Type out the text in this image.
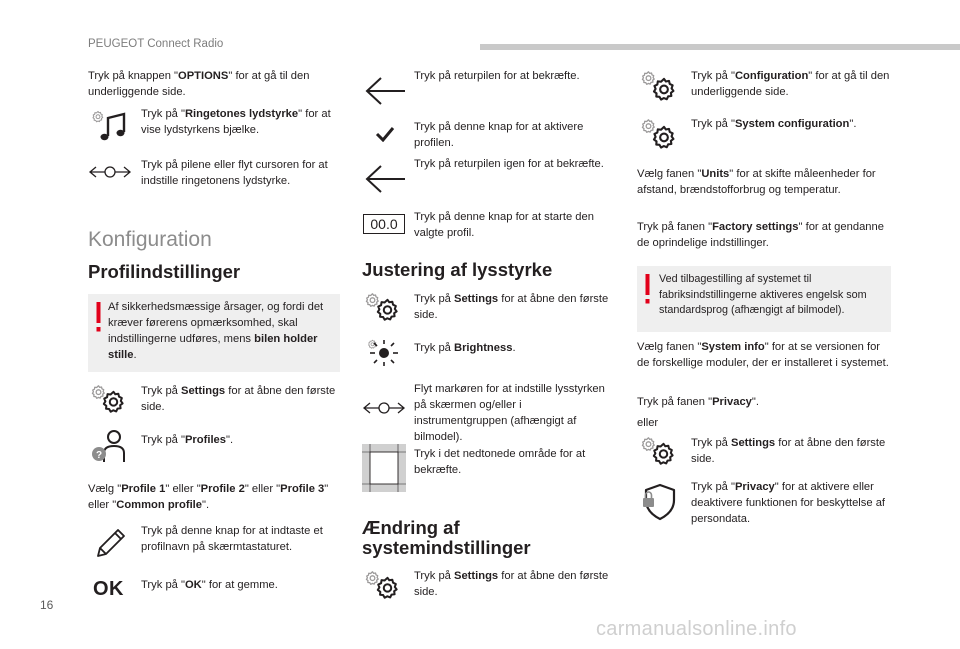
PEUGEOT Connect Radio
Tryk på knappen "OPTIONS" for at gå til den underliggende side.
Tryk på "Ringetones lydstyrke" for at vise lydstyrkens bjælke.
Tryk på pilene eller flyt cursoren for at indstille ringetonens lydstyrke.
Konfiguration
Profilindstillinger
Af sikkerhedsmæssige årsager, og fordi det kræver førerens opmærksomhed, skal indstillingerne udføres, mens bilen holder stille.
Tryk på Settings for at åbne den første side.
?
Tryk på "Profiles".
Vælg "Profile 1" eller "Profile 2" eller "Profile 3" eller "Common profile".
Tryk på denne knap for at indtaste et profilnavn på skærmtastaturet.
OK Tryk på "OK" for at gemme.
Tryk på returpilen for at bekræfte.
Tryk på denne knap for at aktivere profilen.
Tryk på returpilen igen for at bekræfte.
00.0	Tryk på denne knap for at starte den valgte profil.
Justering af lysstyrke
Tryk på Settings for at åbne den første side.
Tryk på Brightness.
Flyt markøren for at indstille lysstyrken på skærmen og/eller i instrumentgruppen (afhængigt af bilmodel).
Tryk i det nedtonede område for at bekræfte.
Ændring af
systemindstillinger
Tryk på Settings for at åbne den første side.
Tryk på "Configuration" for at gå til den underliggende side.
Tryk på "System configuration".
Vælg fanen "Units" for at skifte måleenheder for afstand, brændstofforbrug og temperatur.
Tryk på fanen "Factory settings" for at gendanne de oprindelige indstillinger.
Ved tilbagestilling af systemet til fabriksindstillingerne aktiveres engelsk som standardsprog (afhængigt af bilmodel).
Vælg fanen "System info" for at se versionen for de forskellige moduler, der er installeret i systemet.
Tryk på fanen "Privacy".
eller
Tryk på Settings for at åbne den første side.
Tryk på "Privacy" for at aktivere eller deaktivere funktionen for beskyttelse af persondata.
16
carmanualsonline.info
